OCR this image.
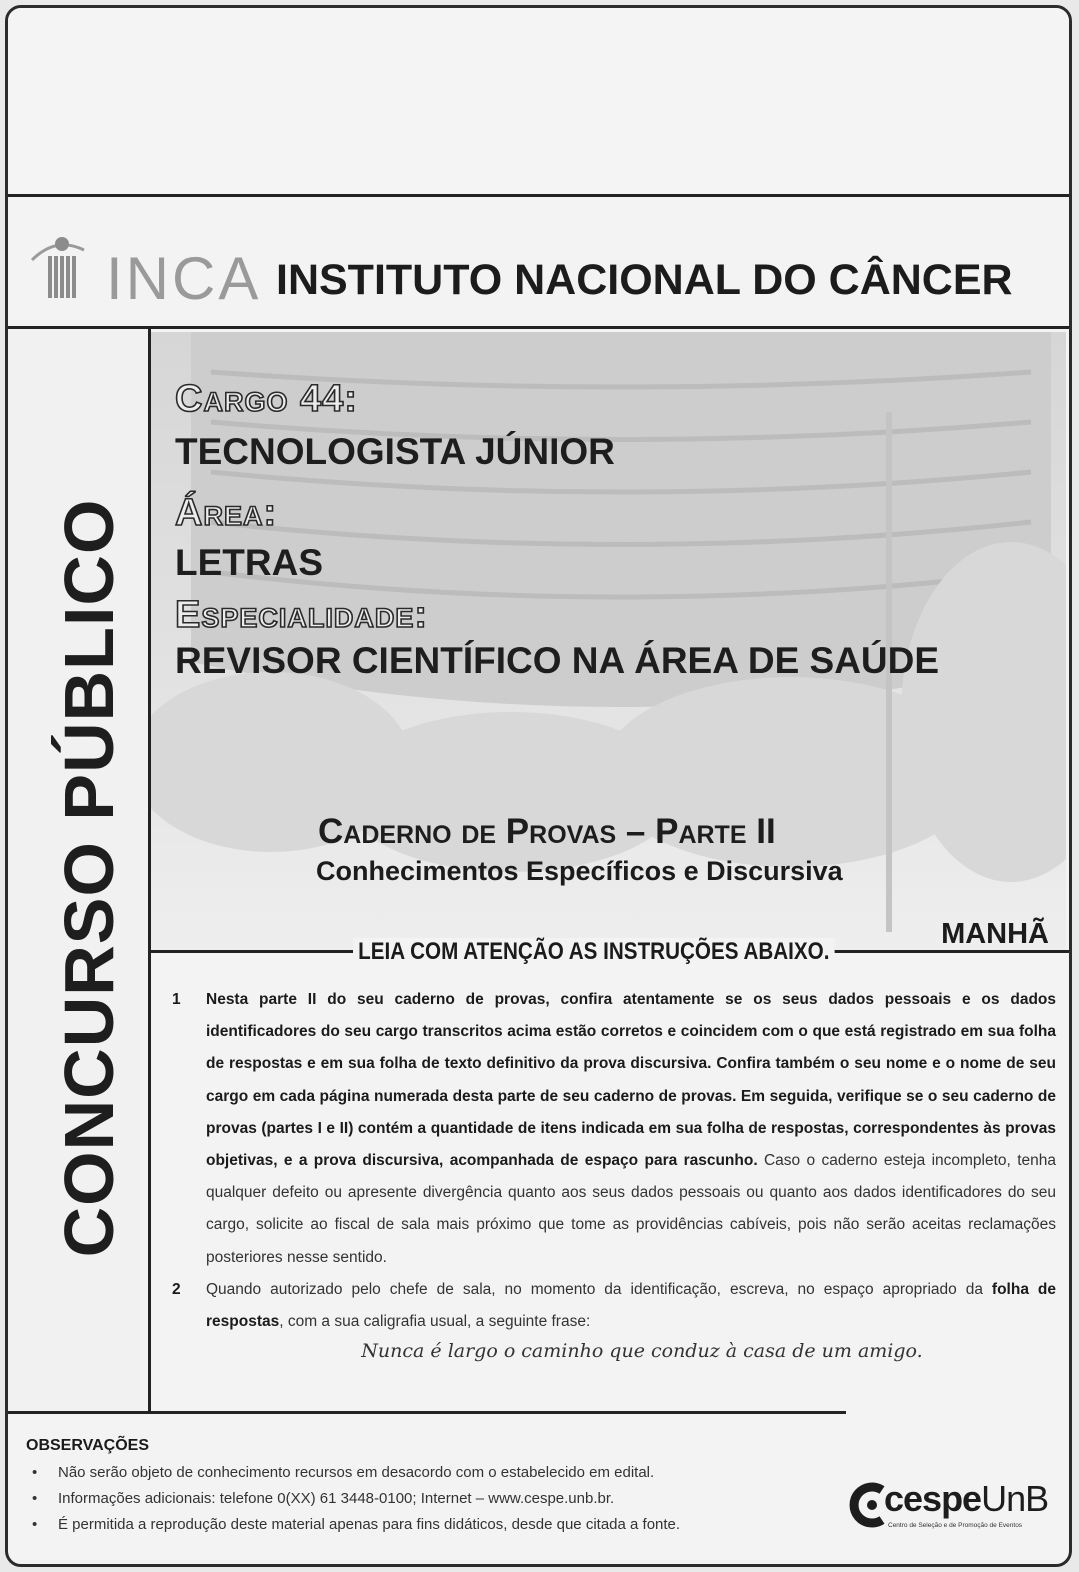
INCA INSTITUTO NACIONAL DO CÂNCER
CONCURSO PÚBLICO
Cargo 44:
TECNOLOGISTA JÚNIOR
Área:
LETRAS
Especialidade:
REVISOR CIENTÍFICO NA ÁREA DE SAÚDE
Caderno de Provas – Parte II
Conhecimentos Específicos e Discursiva
MANHÃ
LEIA COM ATENÇÃO AS INSTRUÇÕES ABAIXO.
1 Nesta parte II do seu caderno de provas, confira atentamente se os seus dados pessoais e os dados identificadores do seu cargo transcritos acima estão corretos e coincidem com o que está registrado em sua folha de respostas e em sua folha de texto definitivo da prova discursiva. Confira também o seu nome e o nome de seu cargo em cada página numerada desta parte de seu caderno de provas. Em seguida, verifique se o seu caderno de provas (partes I e II) contém a quantidade de itens indicada em sua folha de respostas, correspondentes às provas objetivas, e a prova discursiva, acompanhada de espaço para rascunho. Caso o caderno esteja incompleto, tenha qualquer defeito ou apresente divergência quanto aos seus dados pessoais ou quanto aos dados identificadores do seu cargo, solicite ao fiscal de sala mais próximo que tome as providências cabíveis, pois não serão aceitas reclamações posteriores nesse sentido.
2 Quando autorizado pelo chefe de sala, no momento da identificação, escreva, no espaço apropriado da folha de respostas, com a sua caligrafia usual, a seguinte frase:
Nunca é largo o caminho que conduz à casa de um amigo.
OBSERVAÇÕES
• Não serão objeto de conhecimento recursos em desacordo com o estabelecido em edital.
• Informações adicionais: telefone 0(XX) 61 3448-0100; Internet – www.cespe.unb.br.
• É permitida a reprodução deste material apenas para fins didáticos, desde que citada a fonte.
cespeUnB
Centro de Seleção e de Promoção de Eventos
